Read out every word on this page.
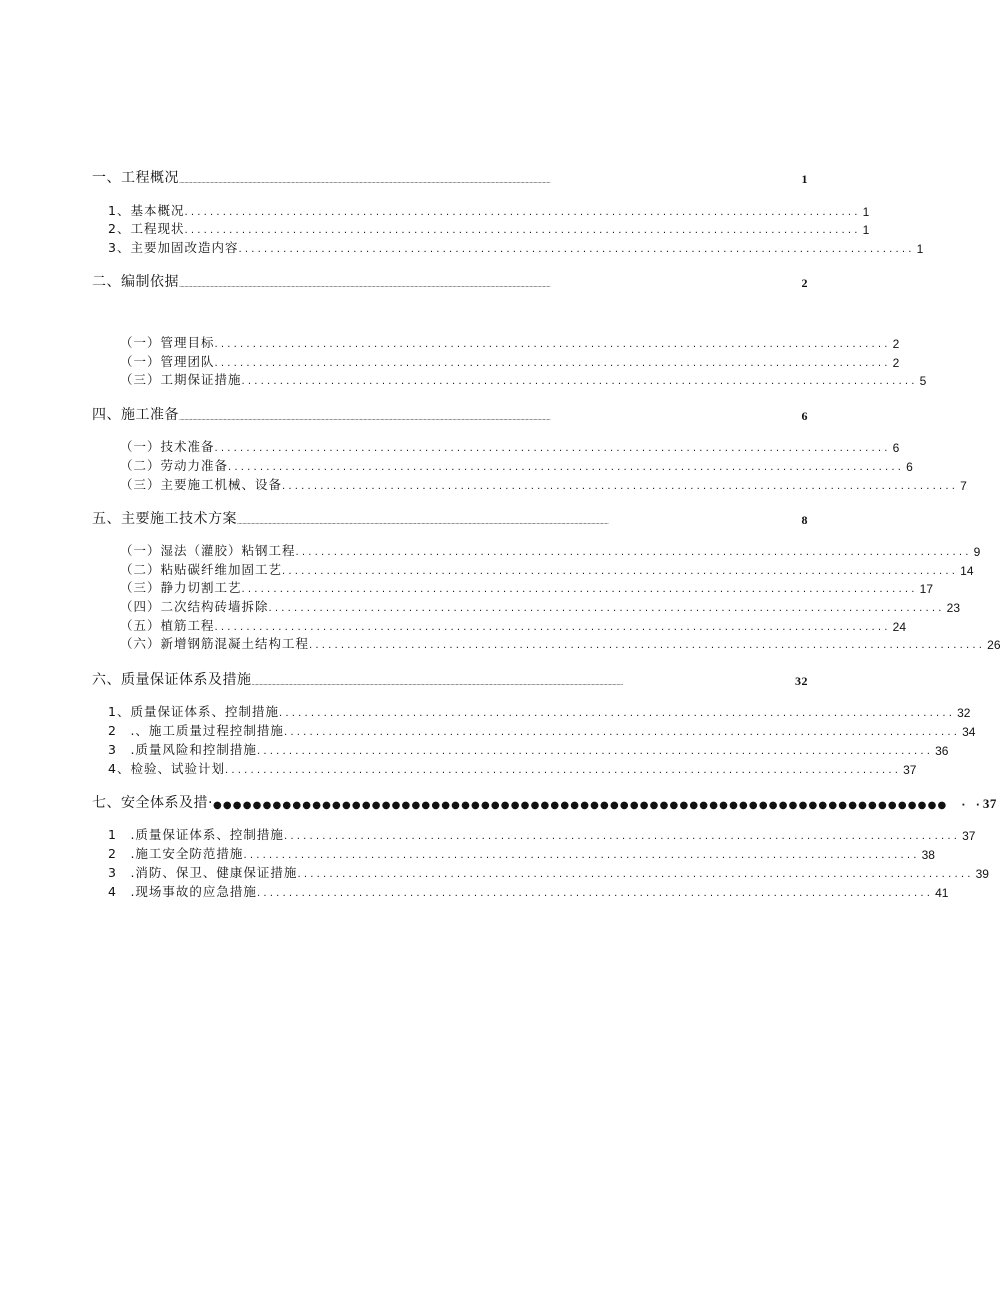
一、工程概况 ............................................................................................................................................................................................................................................................................................	1
1、基本概况 .......................................................................................................... 1
2、工程现状 .......................................................................................................... 1
3、主要加固改造内容 .......................................................................................................... 1
二、编制依据 ............................................................................................................................................................................................................................................................................................	2
（一）管理目标 .......................................................................................................... 2
（一）管理团队 .......................................................................................................... 2
（三）工期保证措施 .......................................................................................................... 5
四、施工准备 ............................................................................................................................................................................................................................................................................................	6
（一）技术准备 .......................................................................................................... 6
（二）劳动力准备 .......................................................................................................... 6
（三）主要施工机械、设备 .......................................................................................................... 7
五、主要施工技术方案 ............................................................................................................................................................................................................................................................................................	8
（一）湿法（灌胶）粘钢工程 .......................................................................................................... 9
（二）粘贴碳纤维加固工艺 .......................................................................................................... 14
（三）静力切割工艺 .......................................................................................................... 17
（四）二次结构砖墙拆除 .......................................................................................................... 23
（五）植筋工程 .......................................................................................................... 24
（六）新增钢筋混凝土结构工程 .......................................................................................................... 26
六、质量保证体系及措施 ............................................................................................................................................................................................................................................................................................	32
1、质量保证体系、控制措施 .......................................................................................................... 32
2　.、施工质量过程控制措施 .......................................................................................................... 34
3　.质量风险和控制措施 .......................................................................................................... 36
4、检验、试验计划 .......................................................................................................... 37
七、安全体系及措· ●●●●●●●●●●●●●●●●●●●●●●●●●●●●●●●●●●●●●●●●●●●●●●●●●●●●●●●●●●●●●●●●●●●●●●●●●●   ·  · 37
1　.质量保证体系、控制措施 .......................................................................................................... 37
2　.施工安全防范措施 .......................................................................................................... 38
3　.消防、保卫、健康保证措施 .......................................................................................................... 39
4　.现场事故的应急措施 .......................................................................................................... 41
